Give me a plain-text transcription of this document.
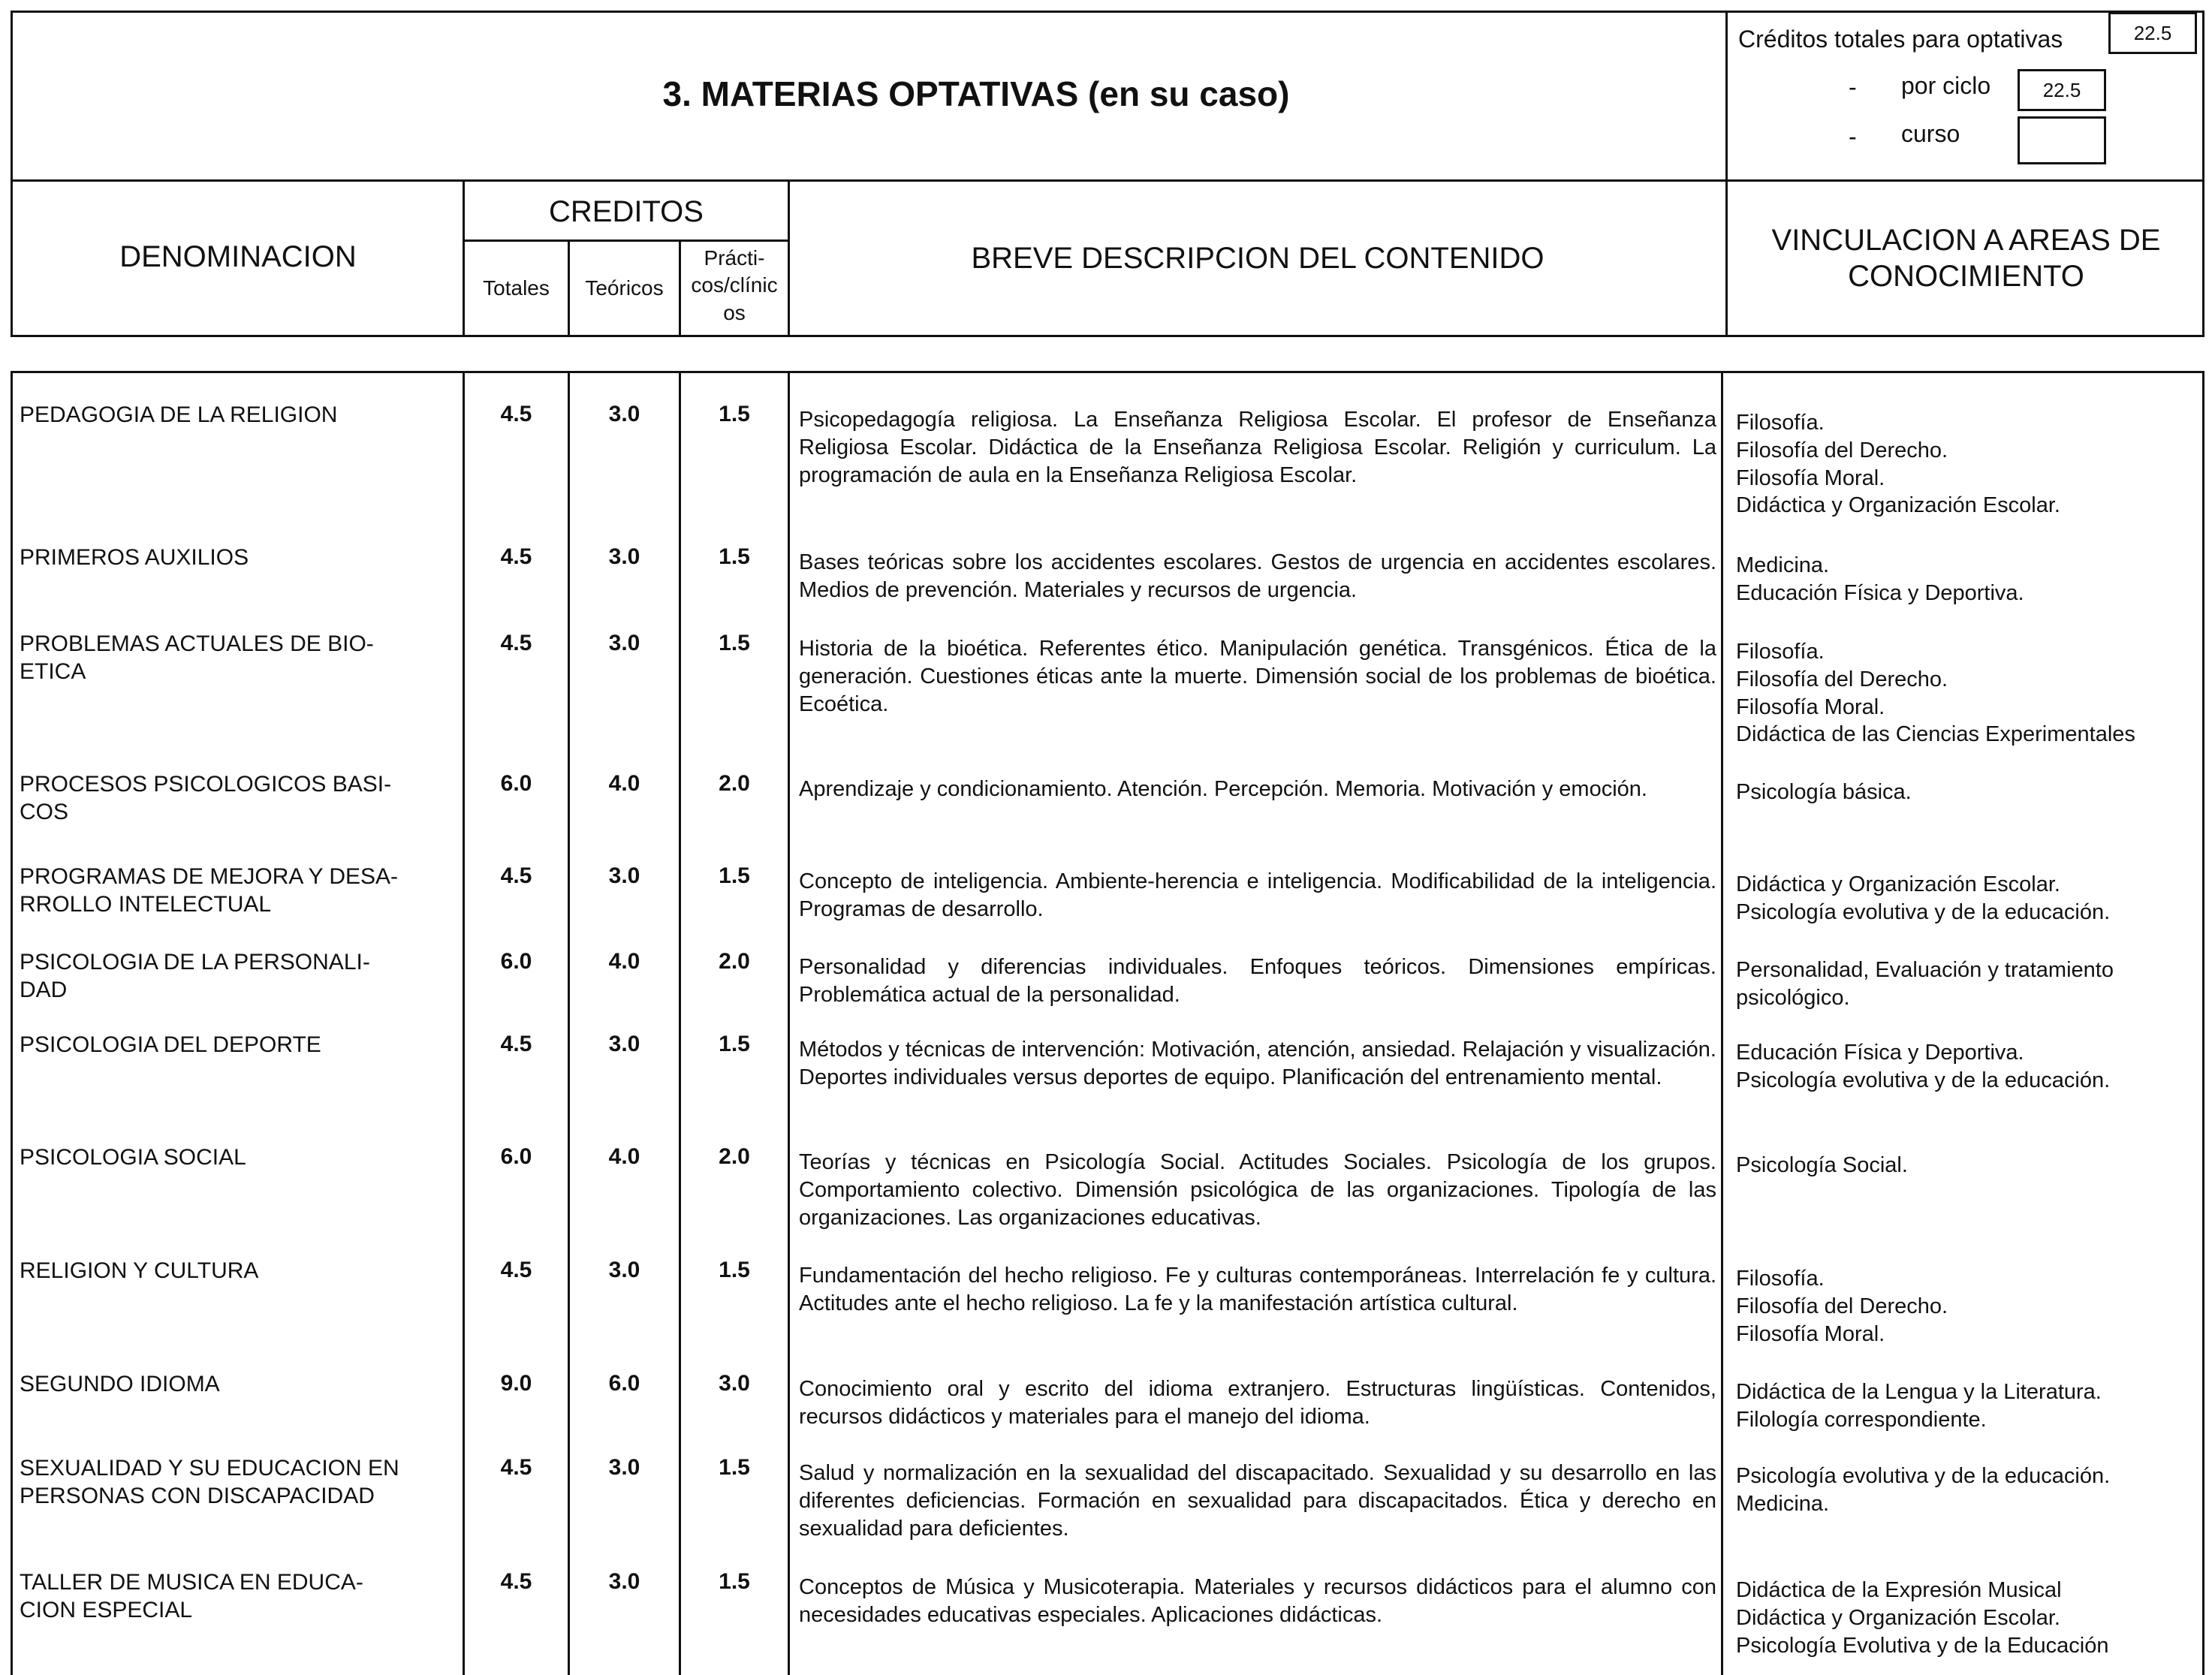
3. MATERIAS OPTATIVAS (en su caso)
Créditos totales para optativas	22.5
- por ciclo	22.5
- curso
DENOMINACION
CREDITOS
Totales	Teóricos
Prácti-
cos/clínic
os
BREVE DESCRIPCION DEL CONTENIDO
VINCULACION A AREAS DE
CONOCIMIENTO
PEDAGOGIA DE LA RELIGION	4.5	3.0	1.5	Psicopedagogía religiosa. La Enseñanza Religiosa Escolar. El profesor de Enseñanza Religiosa Escolar. Didáctica de la Enseñanza Religiosa Escolar. Religión y curriculum. La programación de aula en la Enseñanza Religiosa Escolar.
Filosofía.
Filosofía del Derecho.
Filosofía Moral.
Didáctica y Organización Escolar.
PRIMEROS AUXILIOS	4.5	3.0	1.5	Bases teóricas sobre los accidentes escolares. Gestos de urgencia en accidentes escolares. Medios de prevención. Materiales y recursos de urgencia.
Medicina.
Educación Física y Deportiva.
PROBLEMAS ACTUALES DE BIO-
ETICA
4.5	3.0	1.5	Historia de la bioética. Referentes ético. Manipulación genética. Transgénicos. Ética de la generación. Cuestiones éticas ante la muerte. Dimensión social de los problemas de bioética. Ecoética.
Filosofía.
Filosofía del Derecho.
Filosofía Moral.
Didáctica de las Ciencias Experimentales
PROCESOS PSICOLOGICOS BASI-
COS
6.0	4.0	2.0	Aprendizaje y condicionamiento. Atención. Percepción. Memoria. Motivación y emoción.	Psicología básica.
PROGRAMAS DE MEJORA Y DESA-
RROLLO INTELECTUAL
4.5	3.0	1.5	Concepto de inteligencia. Ambiente-herencia e inteligencia. Modificabilidad de la inteligencia. Programas de desarrollo.
Didáctica y Organización Escolar.
Psicología evolutiva y de la educación.
PSICOLOGIA DE LA PERSONALI-
DAD
6.0	4.0	2.0	Personalidad y diferencias individuales. Enfoques teóricos. Dimensiones empíricas. Problemática actual de la personalidad.
Personalidad, Evaluación y tratamiento
psicológico.
PSICOLOGIA DEL DEPORTE	4.5	3.0	1.5	Métodos y técnicas de intervención: Motivación, atención, ansiedad. Relajación y visualización. Deportes individuales versus deportes de equipo. Planificación del entrenamiento mental.
Educación Física y Deportiva.
Psicología evolutiva y de la educación.
PSICOLOGIA SOCIAL	6.0	4.0	2.0	Teorías y técnicas en Psicología Social. Actitudes Sociales. Psicología de los grupos. Comportamiento colectivo. Dimensión psicológica de las organizaciones. Tipología de las organizaciones. Las organizaciones educativas.
Psicología Social.
RELIGION Y CULTURA	4.5	3.0	1.5	Fundamentación del hecho religioso. Fe y culturas contemporáneas. Interrelación fe y cultura. Actitudes ante el hecho religioso. La fe y la manifestación artística cultural.
Filosofía.
Filosofía del Derecho.
Filosofía Moral.
SEGUNDO IDIOMA	9.0	6.0	3.0	Conocimiento oral y escrito del idioma extranjero. Estructuras lingüísticas. Contenidos, recursos didácticos y materiales para el manejo del idioma.
Didáctica de la Lengua y la Literatura.
Filología correspondiente.
SEXUALIDAD Y SU EDUCACION EN
PERSONAS CON DISCAPACIDAD
4.5	3.0	1.5	Salud y normalización en la sexualidad del discapacitado. Sexualidad y su desarrollo en las diferentes deficiencias. Formación en sexualidad para discapacitados. Ética y derecho en sexualidad para deficientes.
Psicología evolutiva y de la educación.
Medicina.
TALLER DE MUSICA EN EDUCA-
CION ESPECIAL
4.5	3.0	1.5	Conceptos de Música y Musicoterapia. Materiales y recursos didácticos para el alumno con necesidades educativas especiales. Aplicaciones didácticas.
Didáctica de la Expresión Musical
Didáctica y Organización Escolar.
Psicología Evolutiva y de la Educación
